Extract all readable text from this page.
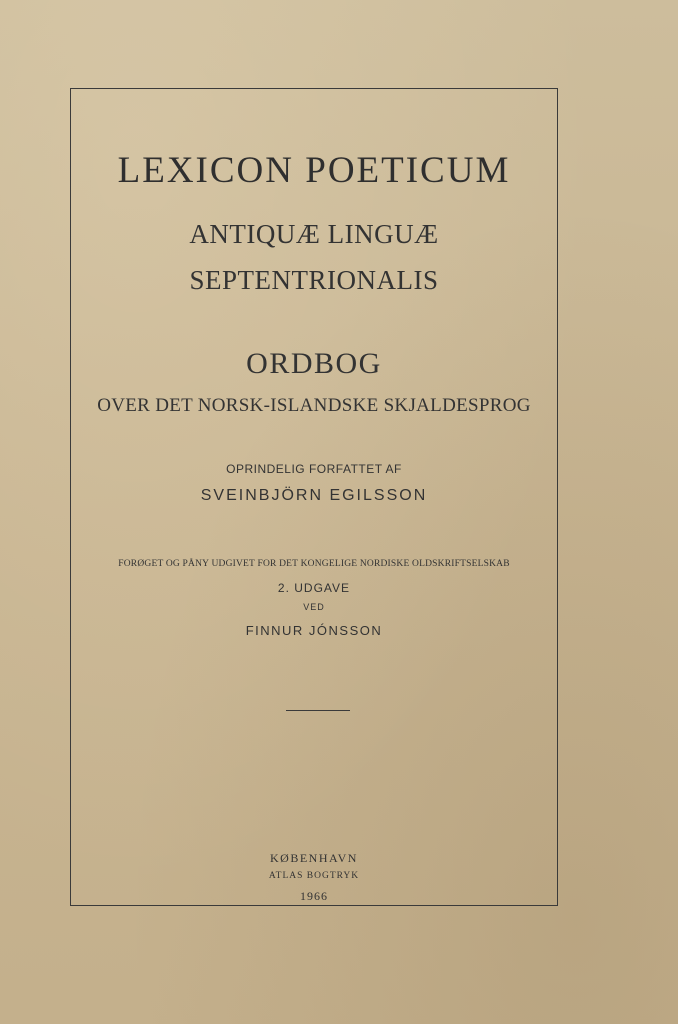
LEXICON POETICUM
ANTIQUÆ LINGUÆ
SEPTENTRIONALIS
ORDBOG
OVER DET NORSK-ISLANDSKE SKJALDESPROG
OPRINDELIG FORFATTET AF
SVEINBJÖRN EGILSSON
FORØGET OG PÅNY UDGIVET FOR DET KONGELIGE NORDISKE OLDSKRIFTSELSKAB
2. UDGAVE
VED
FINNUR JÓNSSON
KØBENHAVN
ATLAS BOGTRYK
1966
